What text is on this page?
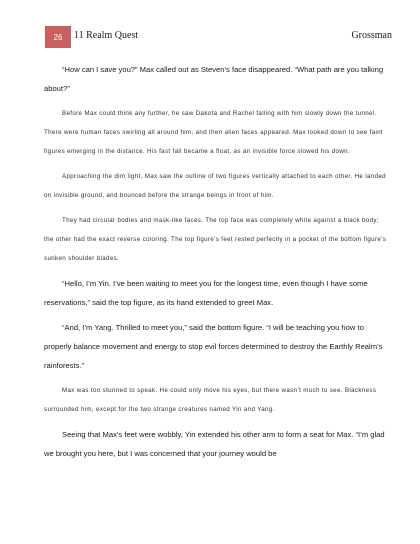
26	11 Realm Quest	Grossman

“How can I save you?” Max called out as Steven’s face disappeared. “What path are you talking about?”

Before Max could think any further, he saw Dakota and Rachel falling with him slowly down the tunnel. There were human faces swirling all around him, and then alien faces appeared. Max looked down to see faint figures emerging in the distance. His fast fall became a float, as an invisible force slowed his down.

Approaching the dim light, Max saw the outline of two figures vertically attached to each other. He landed on invisible ground, and bounced before the strange beings in front of him.

They had circular bodies and mask-like faces. The top face was completely white against a black body; the other had the exact reverse coloring. The top figure’s feet rested perfectly in a pocket of the bottom figure’s sunken shoulder blades.

“Hello, I’m Yin. I’ve been waiting to meet you for the longest time, even though I have some reservations,” said the top figure, as its hand extended to greet Max.

“And, I’m Yang. Thrilled to meet you,” said the bottom figure. “I will be teaching you how to properly balance movement and energy to stop evil forces determined to destroy the Earthly Realm’s rainforests.”

Max was too stunned to speak. He could only move his eyes, but there wasn’t much to see. Blackness surrounded him, except for the two strange creatures named Yin and Yang.

Seeing that Max’s feet were wobbly, Yin extended his other arm to form a seat for Max. “I’m glad we brought you here, but I was concerned that your journey would be
